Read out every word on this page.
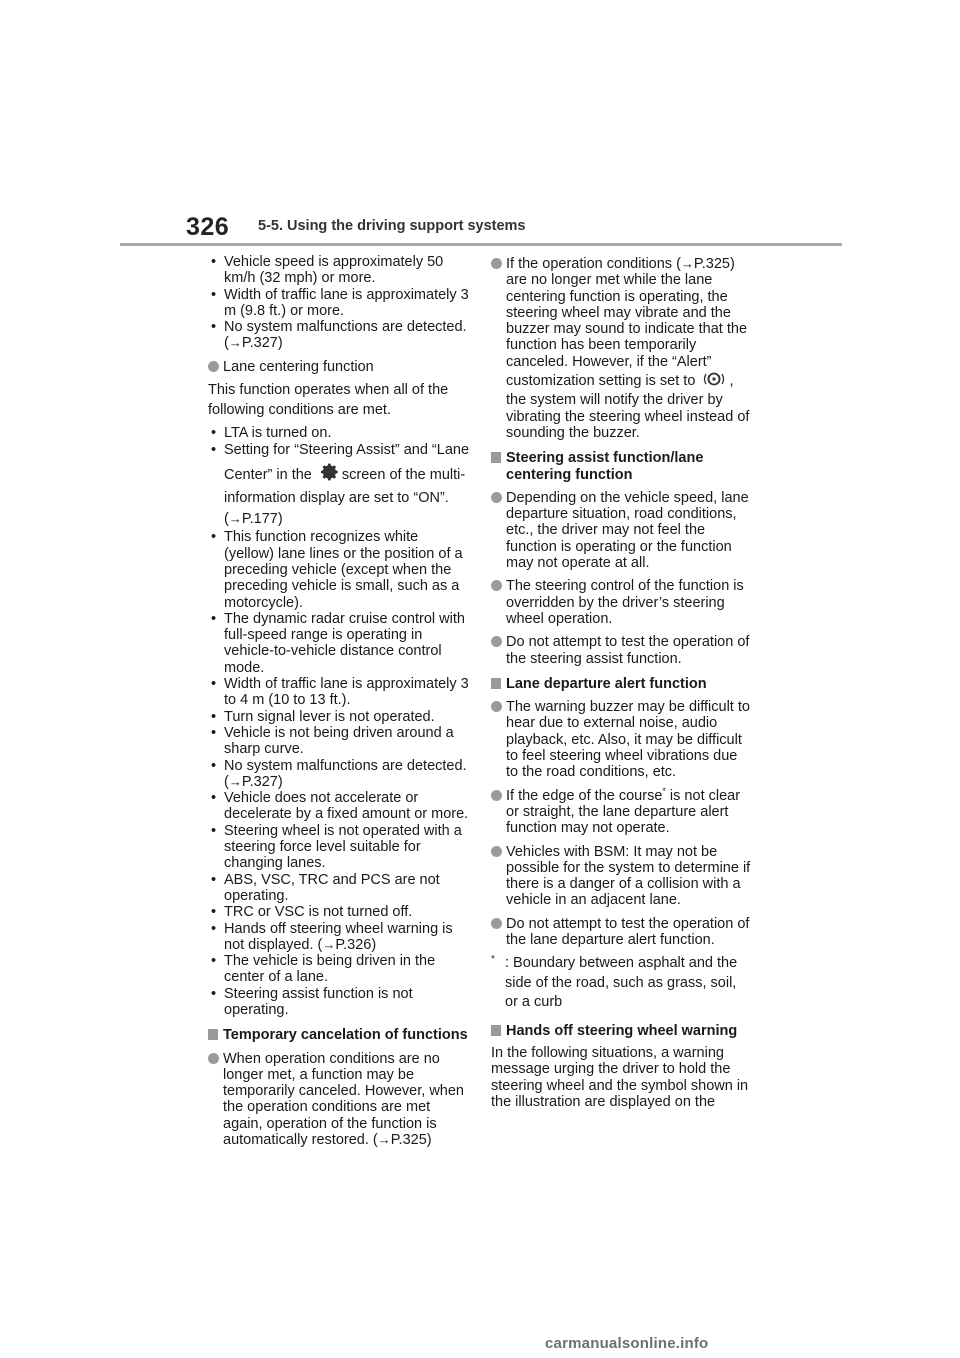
326 5-5. Using the driving support systems
• Vehicle speed is approximately 50 km/h (32 mph) or more.
• Width of traffic lane is approximately 3 m (9.8 ft.) or more.
• No system malfunctions are detected.
(→P.327)
Lane centering function

This function operates when all of the following conditions are met.

• LTA is turned on.
• Setting for “Steering Assist” and “Lane Center” in the screen of the multi-information display are set to “ON”.
(→P.177)
• This function recognizes white (yellow) lane lines or the position of a preceding vehicle (except when the preceding vehicle is small, such as a motorcycle).
• The dynamic radar cruise control with full-speed range is operating in vehicle-to-vehicle distance control mode.
• Width of traffic lane is approximately 3 to 4 m (10 to 13 ft.).
• Turn signal lever is not operated.
• Vehicle is not being driven around a sharp curve.
• No system malfunctions are detected.
(→P.327)
• Vehicle does not accelerate or decelerate by a fixed amount or more.
• Steering wheel is not operated with a steering force level suitable for changing lanes.
• ABS, VSC, TRC and PCS are not operating.
• TRC or VSC is not turned off.
• Hands off steering wheel warning is not displayed. (→P.326)
• The vehicle is being driven in the center of a lane.
• Steering assist function is not operating.
Temporary cancelation of functions
When operation conditions are no longer met, a function may be temporarily canceled. However, when the operation conditions are met again, operation of the function is automatically restored. (→P.325)
If the operation conditions (→P.325) are no longer met while the lane centering function is operating, the steering wheel may vibrate and the buzzer may sound to indicate that the function has been temporarily canceled. However, if the “Alert” customization setting is set to , the system will notify the driver by vibrating the steering wheel instead of sounding the buzzer.
Steering assist function/lane centering function
Depending on the vehicle speed, lane departure situation, road conditions, etc., the driver may not feel the function is operating or the function may not operate at all.
The steering control of the function is overridden by the driver’s steering wheel operation.
Do not attempt to test the operation of the steering assist function.
Lane departure alert function
The warning buzzer may be difficult to hear due to external noise, audio playback, etc. Also, it may be difficult to feel steering wheel vibrations due to the road conditions, etc.
If the edge of the course* is not clear or straight, the lane departure alert function may not operate.
Vehicles with BSM: It may not be possible for the system to determine if there is a danger of a collision with a vehicle in an adjacent lane.
Do not attempt to test the operation of the lane departure alert function.
* : Boundary between asphalt and the side of the road, such as grass, soil, or a curb
Hands off steering wheel warning

In the following situations, a warning message urging the driver to hold the steering wheel and the symbol shown in the illustration are displayed on the

carmanualsonline.info
